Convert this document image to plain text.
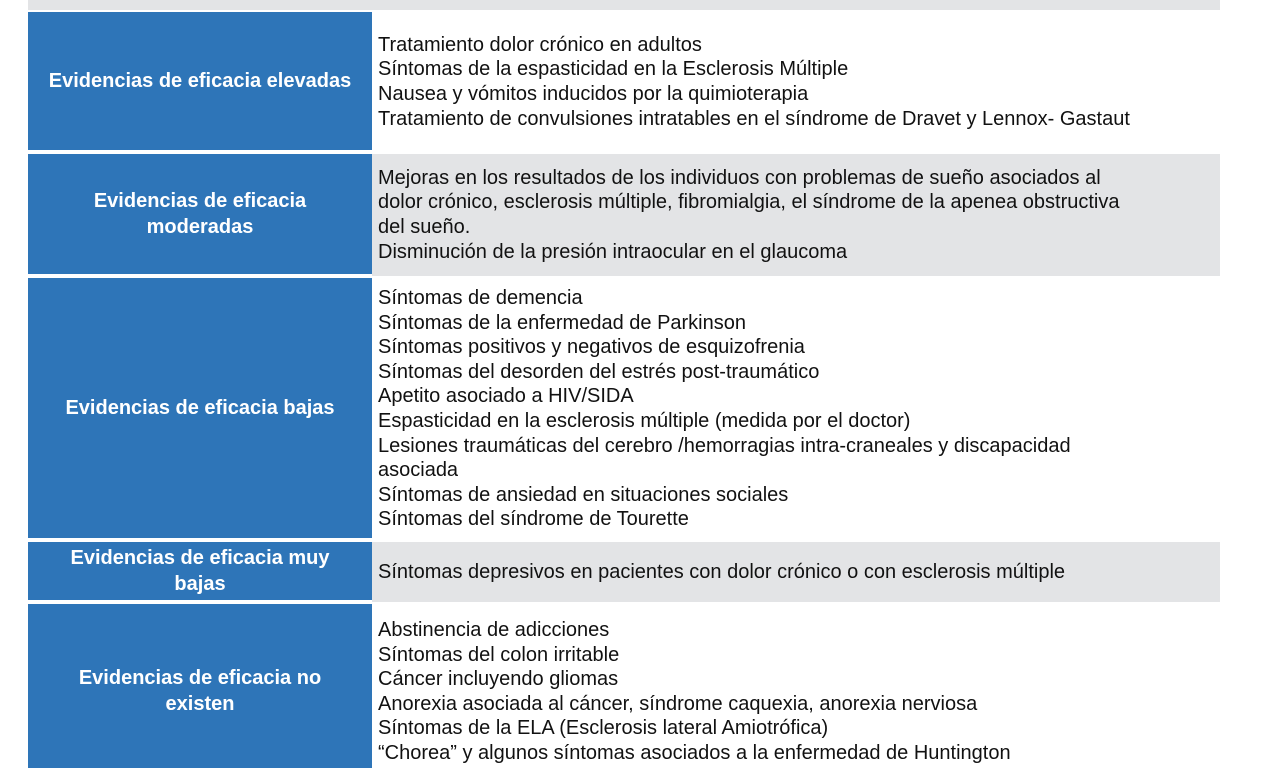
Evidencias de eficacia elevadas
Tratamiento dolor crónico en adultos
Síntomas de la espasticidad en la Esclerosis Múltiple
Nausea y vómitos inducidos por la quimioterapia
Tratamiento de convulsiones intratables en el síndrome de Dravet y Lennox- Gastaut
Evidencias de eficacia
moderadas
Mejoras en los resultados de los individuos con problemas de sueño asociados al
dolor crónico, esclerosis múltiple, fibromialgia, el síndrome de la apenea obstructiva
del sueño.
Disminución de la presión intraocular en el glaucoma
Evidencias de eficacia bajas
Síntomas de demencia
Síntomas de la enfermedad de Parkinson
Síntomas positivos y negativos de esquizofrenia
Síntomas del desorden del estrés post-traumático
Apetito asociado a HIV/SIDA
Espasticidad en la esclerosis múltiple (medida por el doctor)
Lesiones traumáticas del cerebro /hemorragias intra-craneales y discapacidad
asociada
Síntomas de ansiedad en situaciones sociales
Síntomas del síndrome de Tourette
Evidencias de eficacia muy
bajas
Síntomas depresivos en pacientes con dolor crónico o con esclerosis múltiple
Evidencias de eficacia no
existen
Abstinencia de adicciones
Síntomas del colon irritable
Cáncer incluyendo gliomas
Anorexia asociada al cáncer, síndrome caquexia, anorexia nerviosa
Síntomas de la ELA (Esclerosis lateral Amiotrófica)
“Chorea” y algunos síntomas asociados a la enfermedad de Huntington
